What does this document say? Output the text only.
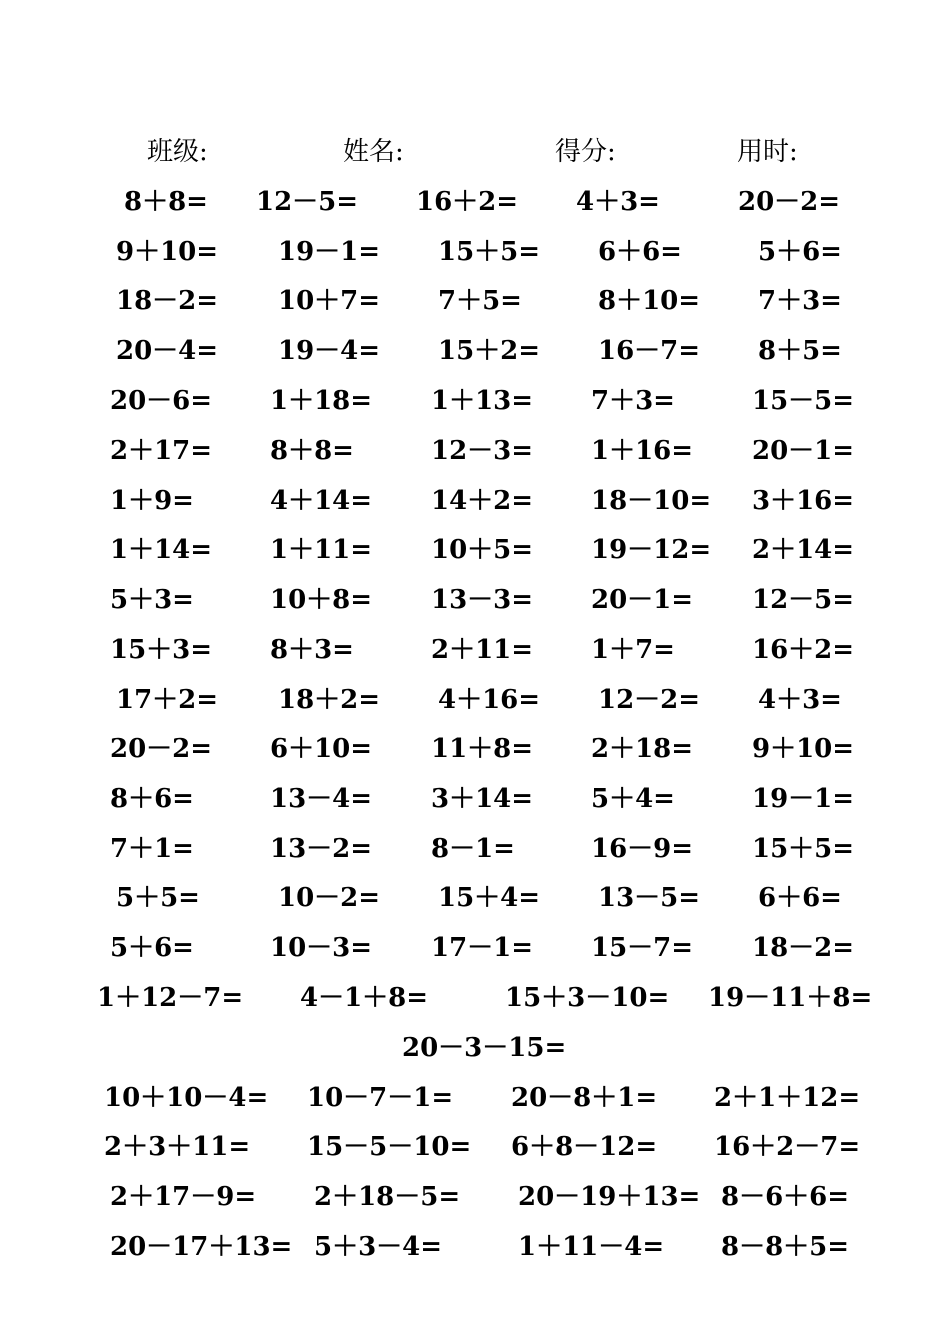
班级:	姓名:	得分:	用时:
8＋8= 12－5= 16＋2= 4＋3=	20－2=
9＋10= 19－1= 15＋5= 6＋6=	5＋6=
18－2= 10＋7= 7＋5=	8＋10= 7＋3=
20－4= 19－4= 15＋2= 16－7= 8＋5=
20－6= 1＋18= 1＋13= 7＋3=	15－5=
2＋17= 8＋8=	12－3= 1＋16= 20－1=
1＋9=	4＋14= 14＋2= 18－10= 3＋16=
1＋14= 1＋11= 10＋5= 19－12= 2＋14=
5＋3=	10＋8= 13－3= 20－1= 12－5=
15＋3= 8＋3=	2＋11= 1＋7=	16＋2=
17＋2= 18＋2= 4＋16= 12－2= 4＋3=
20－2= 6＋10= 11＋8= 2＋18= 9＋10=
8＋6=	13－4= 3＋14= 5＋4=	19－1=
7＋1=	13－2= 8－1=	16－9= 15＋5=
5＋5=	10－2= 15＋4= 13－5= 6＋6=
5＋6=	10－3= 17－1= 15－7= 18－2=
1＋12－7= 4－1＋8=	15＋3－10= 19－11＋8=
20－3－15=
10＋10－4= 10－7－1= 20－8＋1= 2＋1＋12=
2＋3＋11= 15－5－10= 6＋8－12= 16＋2－7=
2＋17－9= 2＋18－5= 20－19＋13= 8－6＋6=
20－17＋13= 5＋3－4=	1＋11－4= 8－8＋5=
